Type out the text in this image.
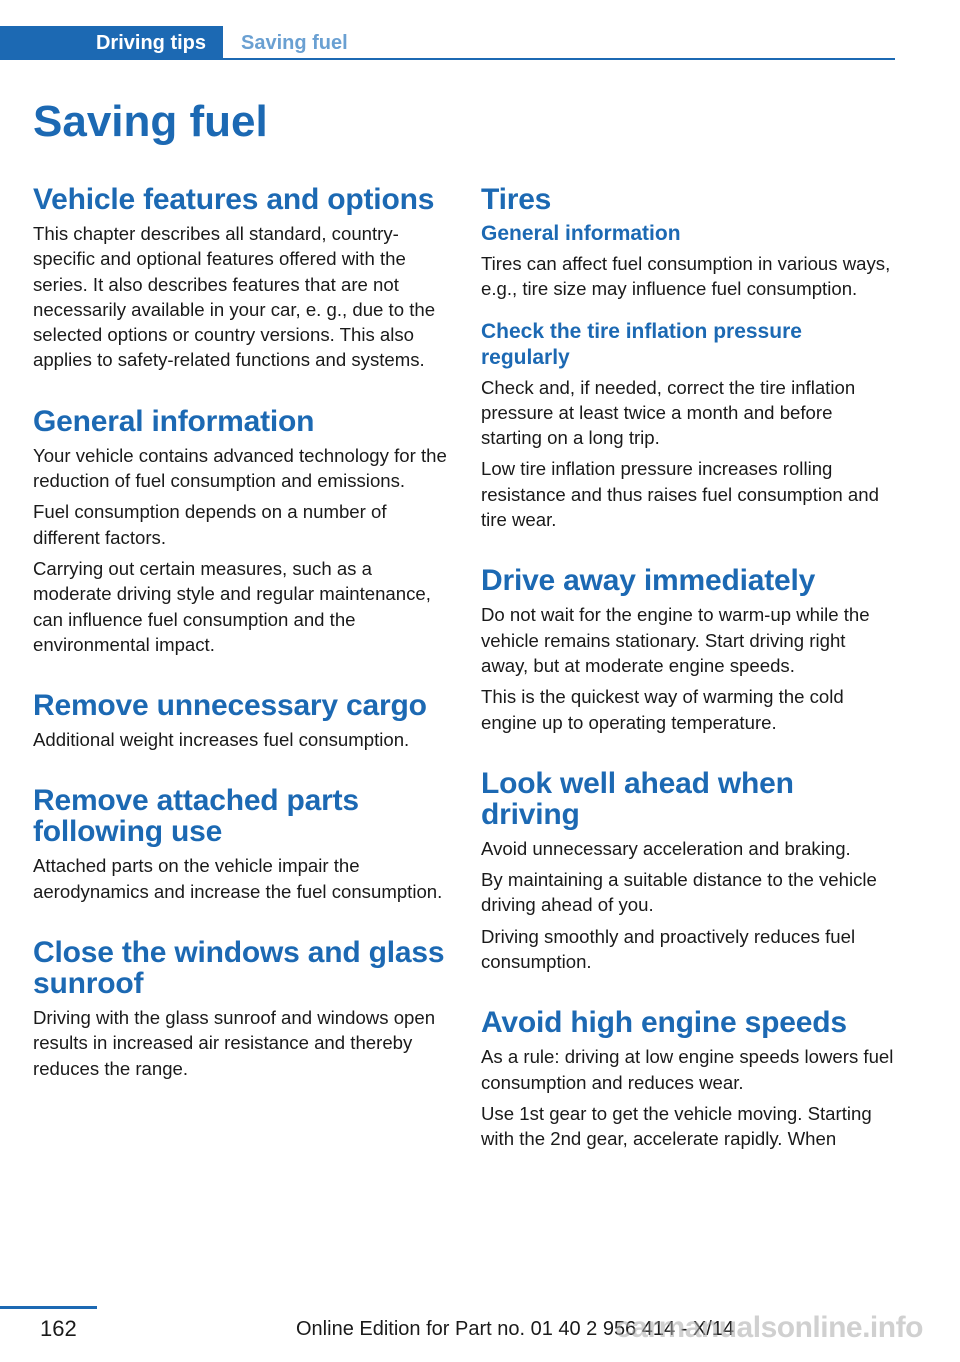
Driving tips	Saving fuel
Saving fuel
Vehicle features and options

This chapter describes all standard, country-specific and optional features offered with the series. It also describes features that are not necessarily available in your car, e. g., due to the selected options or country versions. This also applies to safety-related functions and systems.

General information

Your vehicle contains advanced technology for the reduction of fuel consumption and emissions.

Fuel consumption depends on a number of different factors.

Carrying out certain measures, such as a moderate driving style and regular maintenance, can influence fuel consumption and the environmental impact.

Remove unnecessary cargo

Additional weight increases fuel consumption.

Remove attached parts following use

Attached parts on the vehicle impair the aerodynamics and increase the fuel consumption.

Close the windows and glass sunroof

Driving with the glass sunroof and windows open results in increased air resistance and thereby reduces the range.

Tires
General information

Tires can affect fuel consumption in various ways, e.g., tire size may influence fuel consumption.

Check the tire inflation pressure regularly

Check and, if needed, correct the tire inflation pressure at least twice a month and before starting on a long trip.

Low tire inflation pressure increases rolling resistance and thus raises fuel consumption and tire wear.

Drive away immediately

Do not wait for the engine to warm-up while the vehicle remains stationary. Start driving right away, but at moderate engine speeds.

This is the quickest way of warming the cold engine up to operating temperature.

Look well ahead when driving

Avoid unnecessary acceleration and braking.

By maintaining a suitable distance to the vehicle driving ahead of you.

Driving smoothly and proactively reduces fuel consumption.

Avoid high engine speeds

As a rule: driving at low engine speeds lowers fuel consumption and reduces wear.

Use 1st gear to get the vehicle moving. Starting with the 2nd gear, accelerate rapidly. When

162	Online Edition for Part no. 01 40 2 956 414 - X/14
carmanualsonline.info
